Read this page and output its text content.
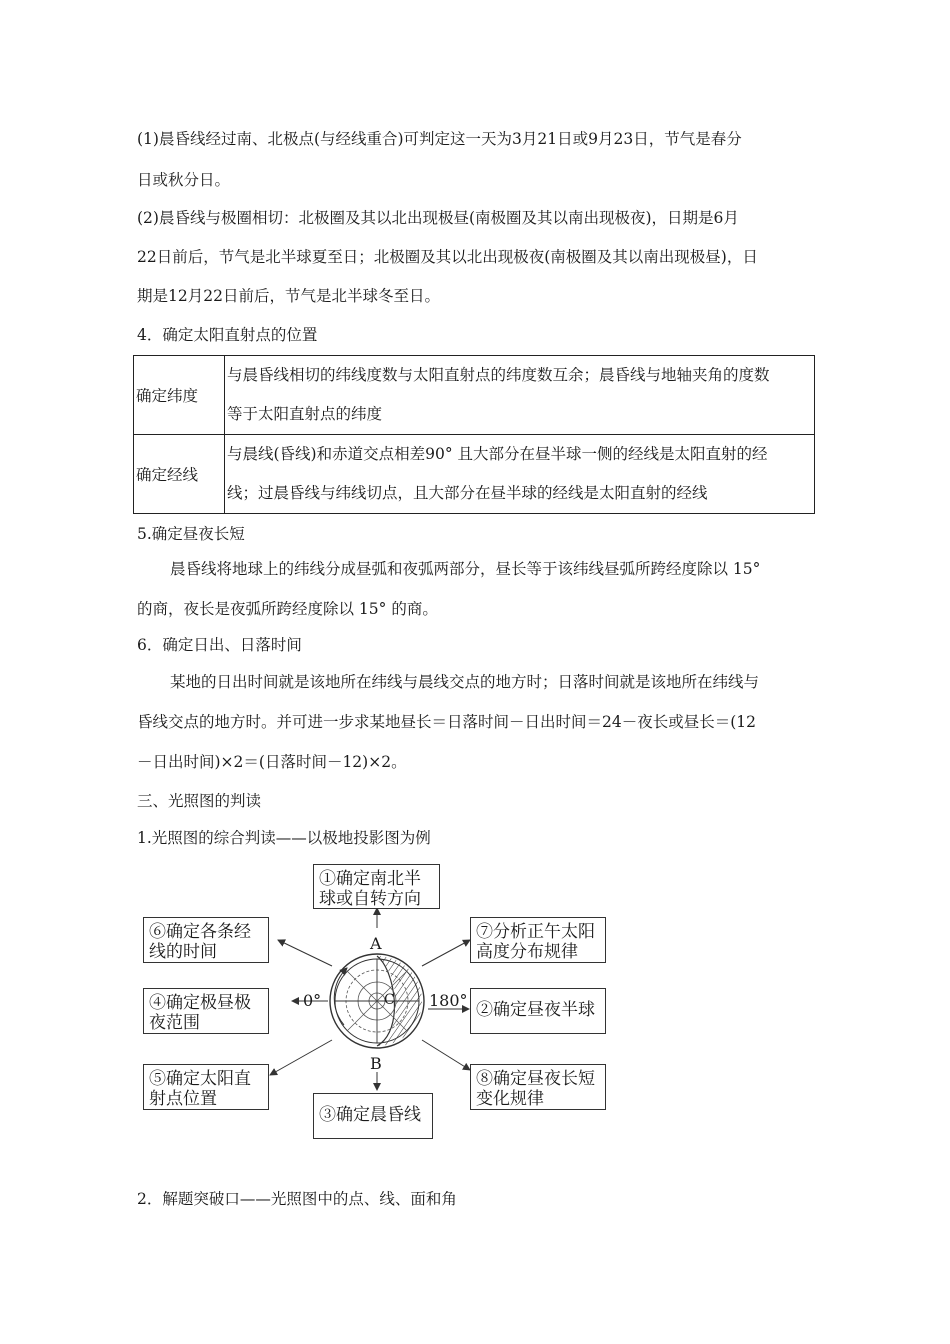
(1)晨昏线经过南、北极点(与经线重合)可判定这一天为3月21日或9月23日，节气是春分
日或秋分日。
(2)晨昏线与极圈相切：北极圈及其以北出现极昼(南极圈及其以南出现极夜)，日期是6月
22日前后，节气是北半球夏至日；北极圈及其以北出现极夜(南极圈及其以南出现极昼)，日
期是12月22日前后，节气是北半球冬至日。
4．确定太阳直射点的位置
确定纬度	与晨昏线相切的纬线度数与太阳直射点的纬度数互余；晨昏线与地轴夹角的度数
等于太阳直射点的纬度

确定经线	与晨线(昏线)和赤道交点相差90° 且大部分在昼半球一侧的经线是太阳直射的经
线；过晨昏线与纬线切点，且大部分在昼半球的经线是太阳直射的经线
5.确定昼夜长短
晨昏线将地球上的纬线分成昼弧和夜弧两部分，昼长等于该纬线昼弧所跨经度除以 15°
的商，夜长是夜弧所跨经度除以 15° 的商。
6．确定日出、日落时间
某地的日出时间就是该地所在纬线与晨线交点的地方时；日落时间就是该地所在纬线与
昏线交点的地方时。并可进一步求某地昼长＝日落时间－日出时间＝24－夜长或昼长＝(12
－日出时间)×2＝(日落时间－12)×2。
三、光照图的判读
1.光照图的综合判读——以极地投影图为例
A
B
C
0°	180°
①确定南北半
球或自转方向
⑥确定各条经
线的时间
⑦分析正午太阳
高度分布规律
④确定极昼极
夜范围
②确定昼夜半球
⑤确定太阳直
射点位置
⑧确定昼夜长短
变化规律
③确定晨昏线
2．解题突破口——光照图中的点、线、面和角
